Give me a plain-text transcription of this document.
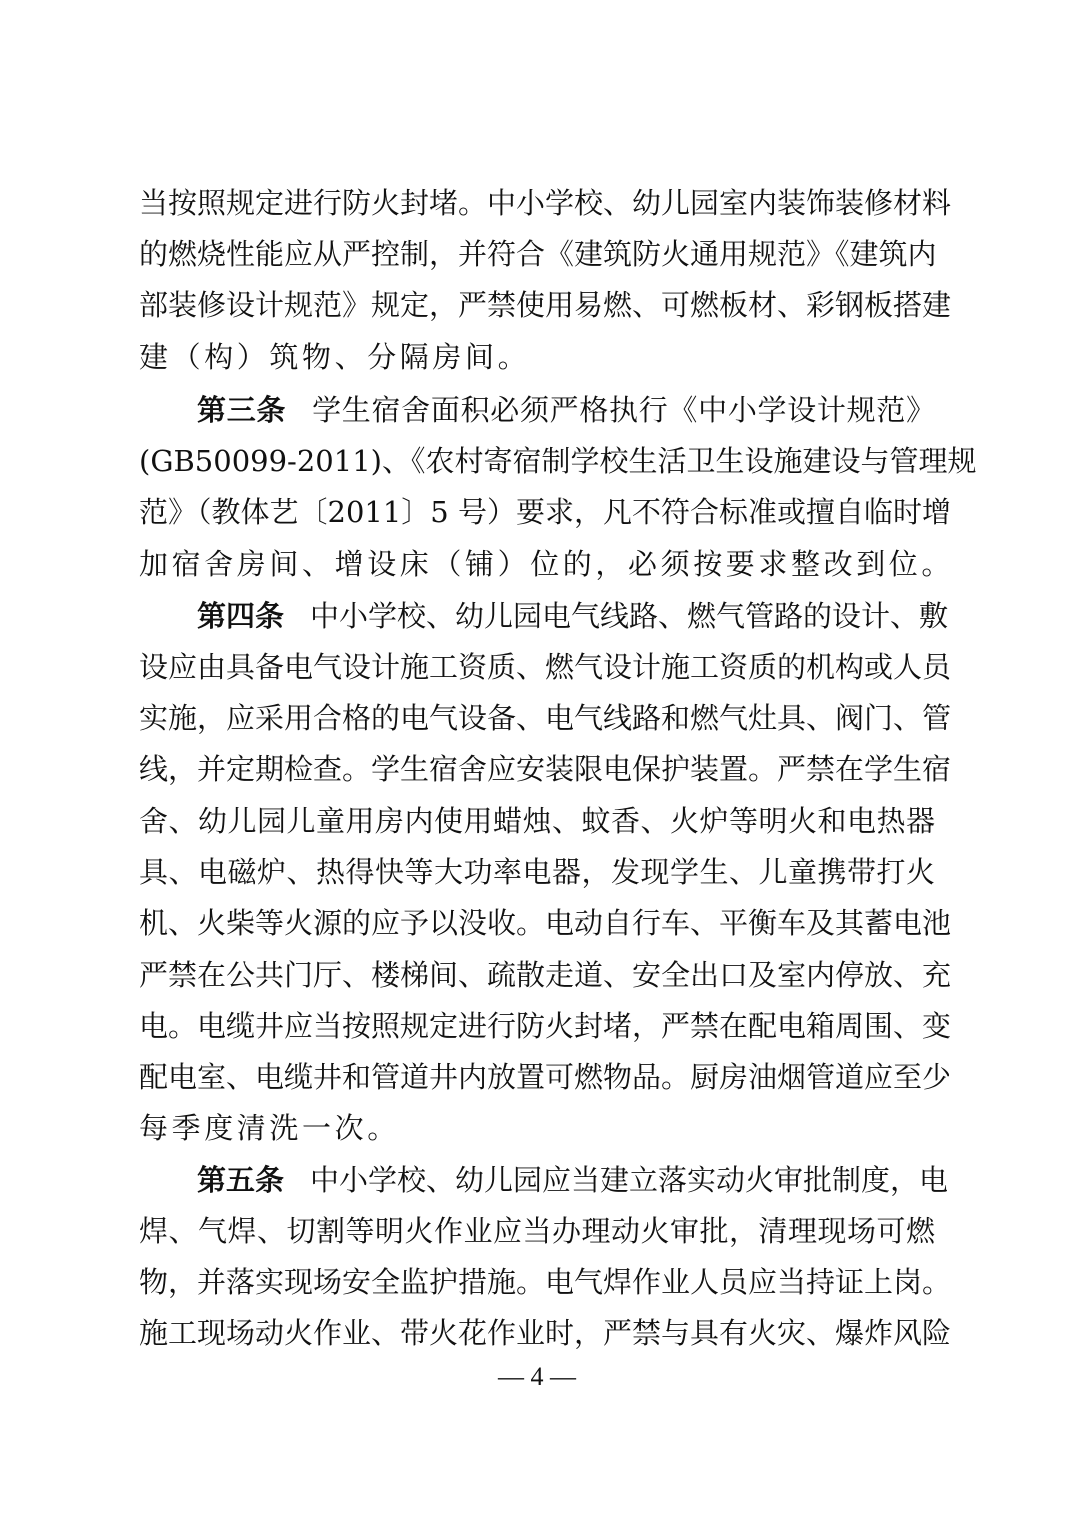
当按照规定进行防火封堵。中小学校、幼儿园室内装饰装修材料
的燃烧性能应从严控制，并符合《建筑防火通用规范》《建筑内
部装修设计规范》规定，严禁使用易燃、可燃板材、彩钢板搭建
建（构）筑物、分隔房间。
第三条 学生宿舍面积必须严格执行《中小学设计规范》
(GB50099-2011)、《农村寄宿制学校生活卫生设施建设与管理规
范》（教体艺〔2011〕5 号）要求，凡不符合标准或擅自临时增
加宿舍房间、增设床（铺）位的，必须按要求整改到位。
第四条 中小学校、幼儿园电气线路、燃气管路的设计、敷
设应由具备电气设计施工资质、燃气设计施工资质的机构或人员
实施，应采用合格的电气设备、电气线路和燃气灶具、阀门、管
线，并定期检查。学生宿舍应安装限电保护装置。严禁在学生宿
舍、幼儿园儿童用房内使用蜡烛、蚊香、火炉等明火和电热器
具、电磁炉、热得快等大功率电器，发现学生、儿童携带打火
机、火柴等火源的应予以没收。电动自行车、平衡车及其蓄电池
严禁在公共门厅、楼梯间、疏散走道、安全出口及室内停放、充
电。电缆井应当按照规定进行防火封堵，严禁在配电箱周围、变
配电室、电缆井和管道井内放置可燃物品。厨房油烟管道应至少
每季度清洗一次。
第五条 中小学校、幼儿园应当建立落实动火审批制度，电
焊、气焊、切割等明火作业应当办理动火审批，清理现场可燃
物，并落实现场安全监护措施。电气焊作业人员应当持证上岗。
施工现场动火作业、带火花作业时，严禁与具有火灾、爆炸风险
— 4 —
